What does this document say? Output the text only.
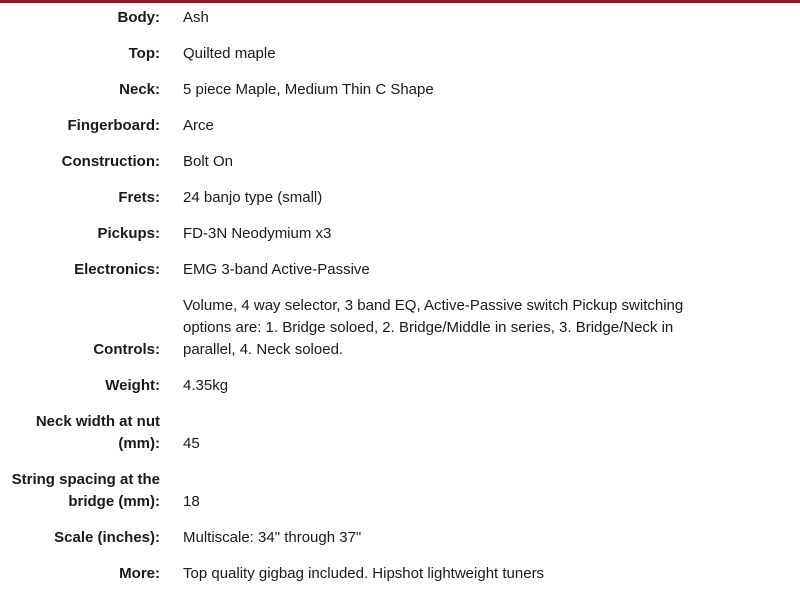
Body: Ash
Top: Quilted maple
Neck: 5 piece Maple, Medium Thin C Shape
Fingerboard: Arce
Construction: Bolt On
Frets: 24 banjo type (small)
Pickups: FD-3N Neodymium x3
Electronics: EMG 3-band Active-Passive
Controls:
Volume, 4 way selector, 3 band EQ, Active-Passive switch Pickup switching options are: 1. Bridge soloed, 2. Bridge/Middle in series, 3. Bridge/Neck in parallel, 4. Neck soloed.
Weight: 4.35kg
Neck width at nut (mm): 45
String spacing at the bridge (mm): 18
Scale (inches): Multiscale: 34" through 37"
More: Top quality gigbag included. Hipshot lightweight tuners
